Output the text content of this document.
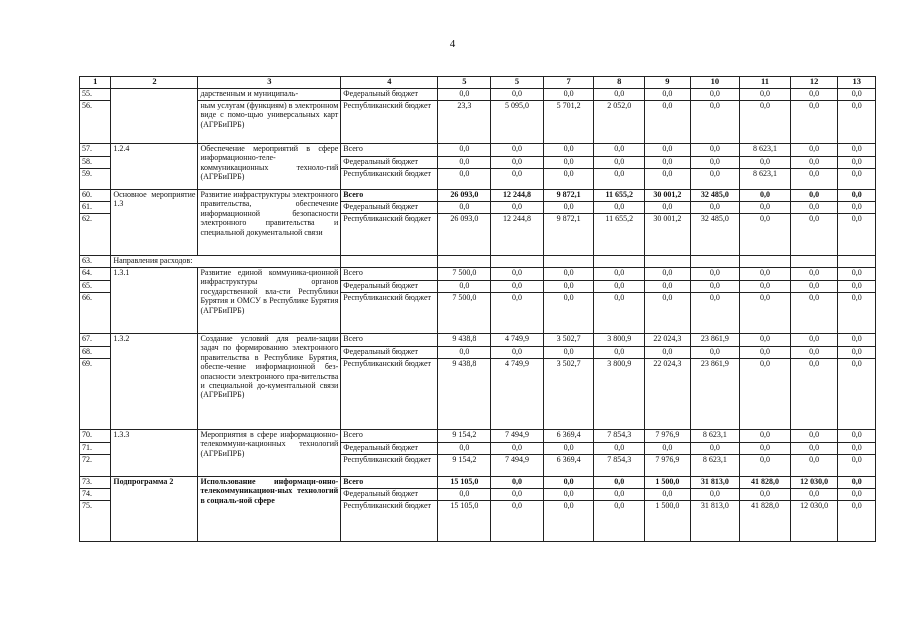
4
1	2	3	4	5	5	7	8	9	10	11	12	13
55.		дарственным и муниципаль-	Федеральный бюджет	0,0	0,0	0,0	0,0	0,0	0,0	0,0	0,0	0,0
56.		ным услугам (функциям) в электронном виде с помо-щью универсальных карт (АГРБиПРБ)	Республиканский бюджет	23,3	5 095,0	5 701,2	2 052,0	0,0	0,0	0,0	0,0	0,0
57.	1.2.4	Обеспечение мероприятий в сфере информационно-теле-коммуникационных техноло-гий (АГРБиПРБ)	Всего	0,0	0,0	0,0	0,0	0,0	0,0	8 623,1	0,0	0,0
58.			Федеральный бюджет	0,0	0,0	0,0	0,0	0,0	0,0	0,0	0,0	0,0
59.			Республиканский бюджет	0,0	0,0	0,0	0,0	0,0	0,0	8 623,1	0,0	0,0
60.	Основное мероприятие 1.3	Развитие инфраструктуры электронного правительства, обеспечение информационной безопасности электронного правительства и специальной документальной связи	Всего	26 093,0	12 244,8	9 872,1	11 655,2	30 001,2	32 485,0	0,0	0,0	0,0
61.			Федеральный бюджет	0,0	0,0	0,0	0,0	0,0	0,0	0,0	0,0	0,0
62.			Республиканский бюджет	26 093,0	12 244,8	9 872,1	11 655,2	30 001,2	32 485,0	0,0	0,0	0,0
63.	Направления расходов:											
64.	1.3.1	Развитие единой коммуника-ционной инфраструктуры органов государственной вла-сти Республики Бурятия и ОМСУ в Республике Бурятия (АГРБиПРБ)	Всего	7 500,0	0,0	0,0	0,0	0,0	0,0	0,0	0,0	0,0
65.			Федеральный бюджет	0,0	0,0	0,0	0,0	0,0	0,0	0,0	0,0	0,0
66.			Республиканский бюджет	7 500,0	0,0	0,0	0,0	0,0	0,0	0,0	0,0	0,0
67.	1.3.2	Создание условий для реали-зации задач по формированию электронного правительства в Республике Бурятия, обеспе-чение информационной без-опасности электронного пра-вительства и специальной до-кументальной связи (АГРБиПРБ)	Всего	9 438,8	4 749,9	3 502,7	3 800,9	22 024,3	23 861,9	0,0	0,0	0,0
68.			Федеральный бюджет	0,0	0,0	0,0	0,0	0,0	0,0	0,0	0,0	0,0
69.			Республиканский бюджет	9 438,8	4 749,9	3 502,7	3 800,9	22 024,3	23 861,9	0,0	0,0	0,0
70.	1.3.3	Мероприятия в сфере информационно-телекоммуни-кационных технологий (АГРБиПРБ)	Всего	9 154,2	7 494,9	6 369,4	7 854,3	7 976,9	8 623,1	0,0	0,0	0,0
71.			Федеральный бюджет	0,0	0,0	0,0	0,0	0,0	0,0	0,0	0,0	0,0
72.			Республиканский бюджет	9 154,2	7 494,9	6 369,4	7 854,3	7 976,9	8 623,1	0,0	0,0	0,0
73.	Подпрограмма 2	Использование информаци-онно-телекоммуникацион-ных технологий в социаль-ной сфере	Всего	15 105,0	0,0	0,0	0,0	1 500,0	31 813,0	41 828,0	12 030,0	0,0
74.			Федеральный бюджет	0,0	0,0	0,0	0,0	0,0	0,0	0,0	0,0	0,0
75.			Республиканский бюджет	15 105,0	0,0	0,0	0,0	1 500,0	31 813,0	41 828,0	12 030,0	0,0
